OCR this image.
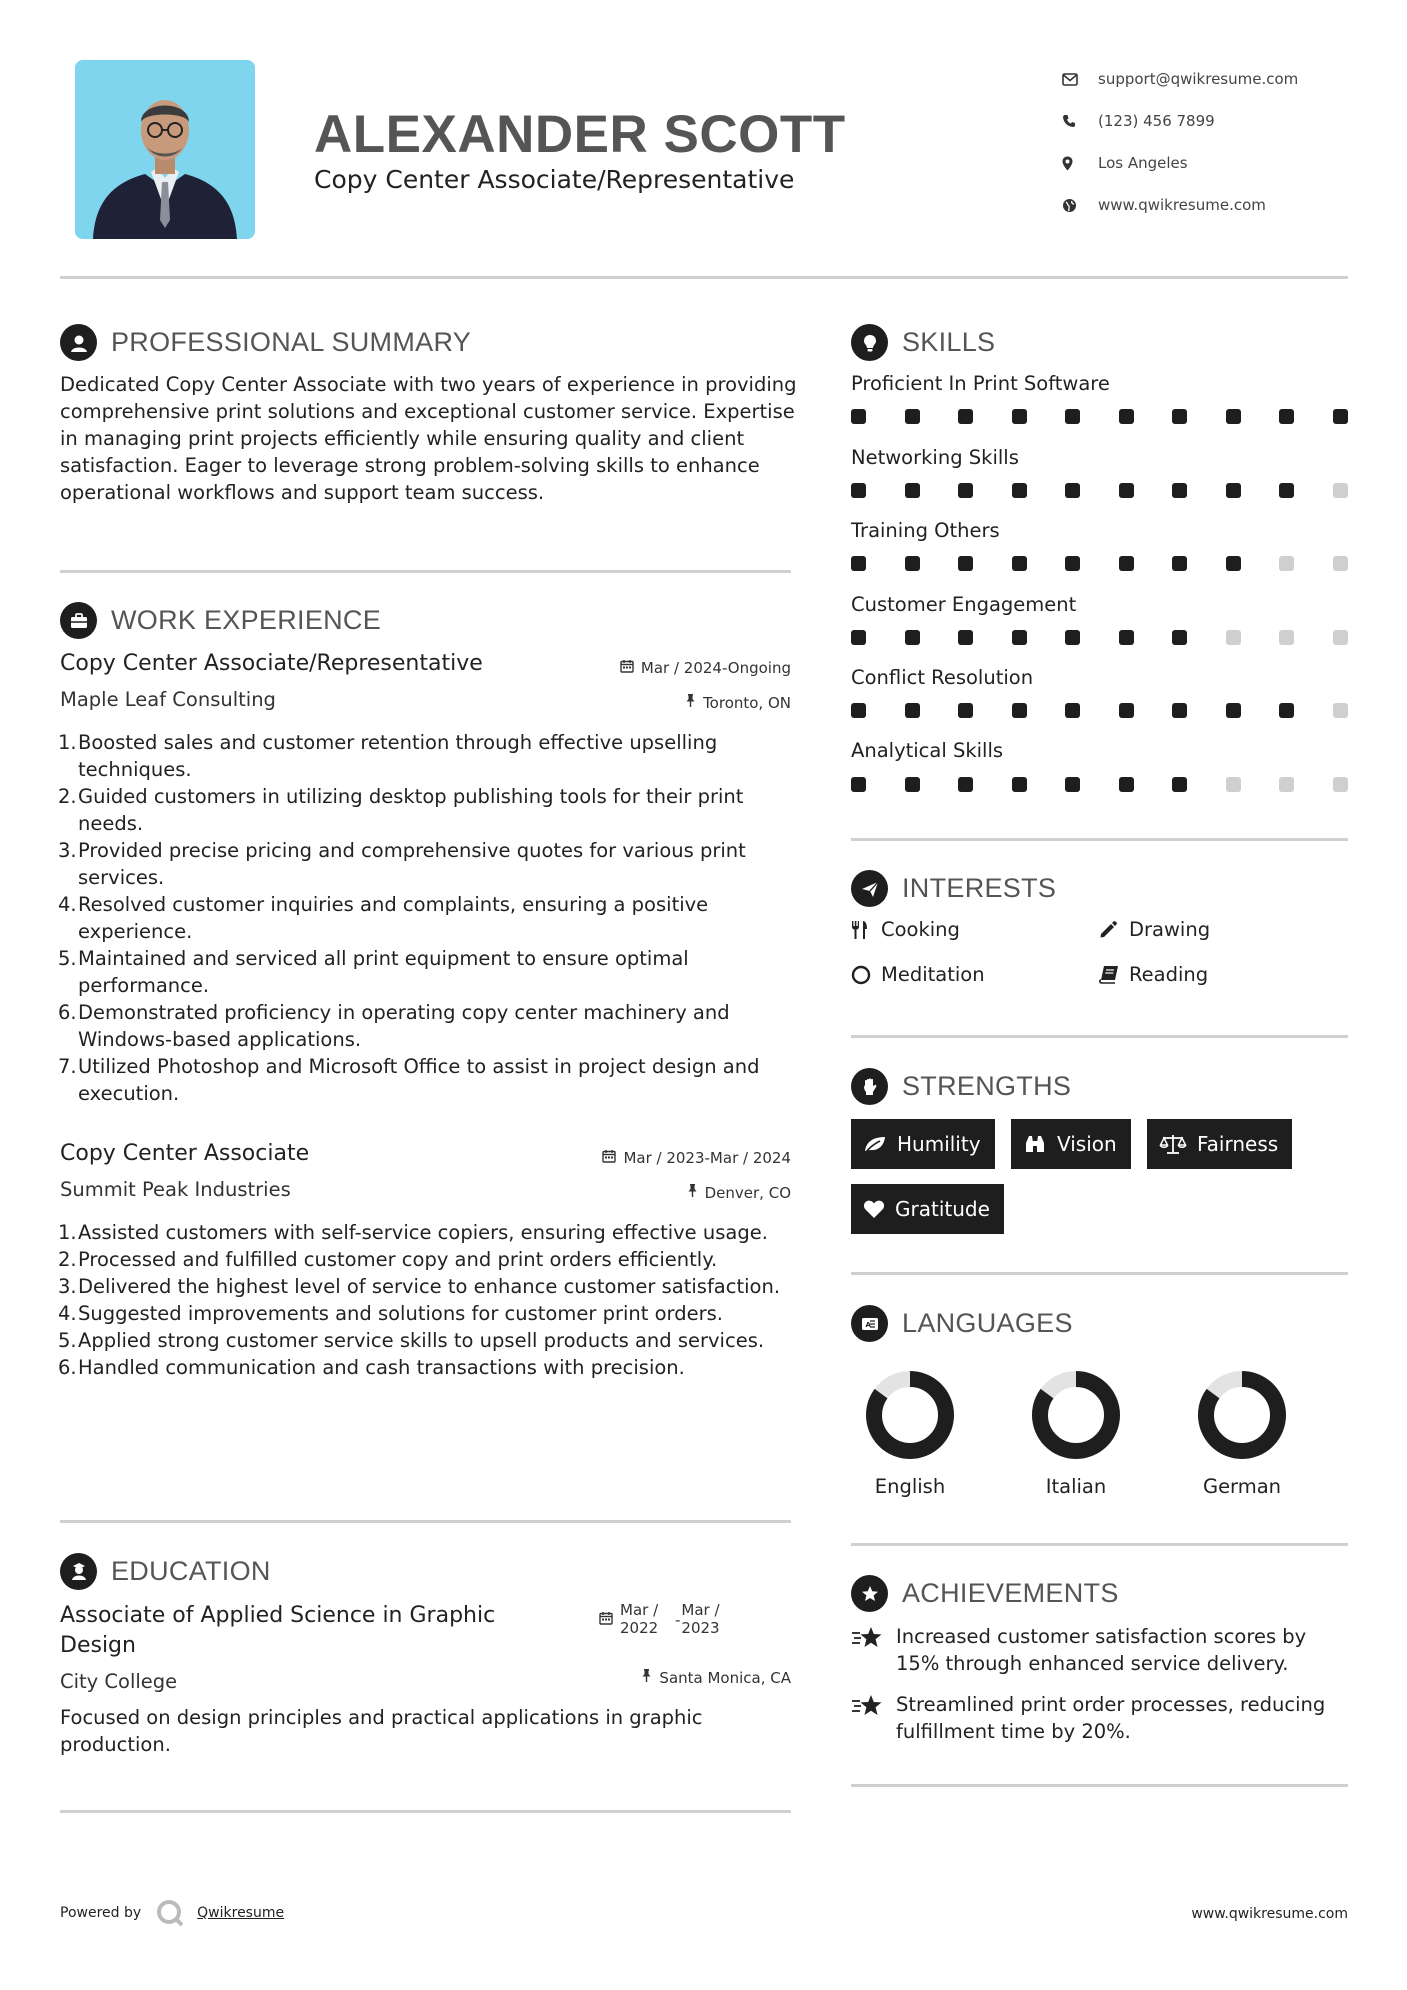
ALEXANDER SCOTT
Copy Center Associate/Representative
support@qwikresume.com
(123) 456 7899
Los Angeles
www.qwikresume.com
PROFESSIONAL SUMMARY
Dedicated Copy Center Associate with two years of experience in providing comprehensive print solutions and exceptional customer service. Expertise in managing print projects efficiently while ensuring quality and client satisfaction. Eager to leverage strong problem-solving skills to enhance operational workflows and support team success.
WORK EXPERIENCE
Copy Center Associate/Representative	Mar / 2024-Ongoing
Maple Leaf Consulting	Toronto, ON
Boosted sales and customer retention through effective upselling techniques.
Guided customers in utilizing desktop publishing tools for their print needs.
Provided precise pricing and comprehensive quotes for various print services.
Resolved customer inquiries and complaints, ensuring a positive experience.
Maintained and serviced all print equipment to ensure optimal performance.
Demonstrated proficiency in operating copy center machinery and Windows-based applications.
Utilized Photoshop and Microsoft Office to assist in project design and execution.
Copy Center Associate	Mar / 2023-Mar / 2024
Summit Peak Industries	Denver, CO
Assisted customers with self-service copiers, ensuring effective usage.
Processed and fulfilled customer copy and print orders efficiently.
Delivered the highest level of service to enhance customer satisfaction.
Suggested improvements and solutions for customer print orders.
Applied strong customer service skills to upsell products and services.
Handled communication and cash transactions with precision.
EDUCATION
Associate of Applied Science in Graphic Design
Mar / 2022	-
Mar / 2023
City College	Santa Monica, CA
Focused on design principles and practical applications in graphic production.
SKILLS
Proficient In Print Software
Networking Skills
Training Others
Customer Engagement
Conflict Resolution
Analytical Skills
INTERESTS
Cooking	Drawing
Meditation	Reading
STRENGTHS
Humility	Vision	Fairness
Gratitude
A LANGUAGES
English	Italian	German
ACHIEVEMENTS
Increased customer satisfaction scores by 15% through enhanced service delivery.
Streamlined print order processes, reducing fulfillment time by 20%.
Powered by	Qwikresume	www.qwikresume.com
